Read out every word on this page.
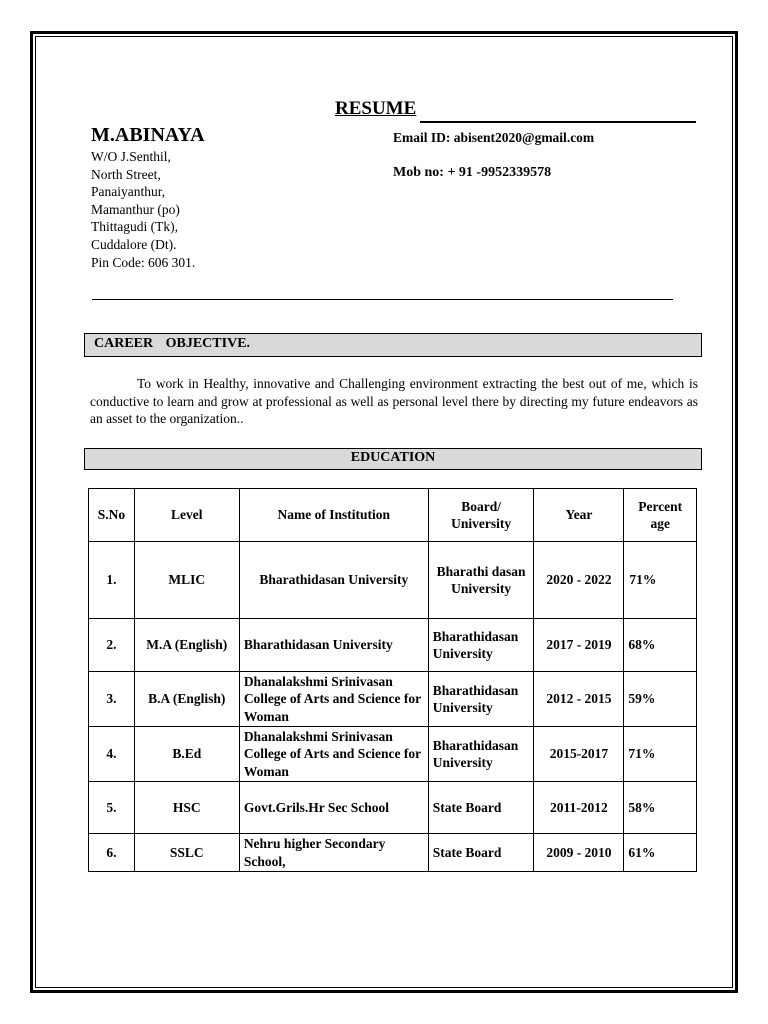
RESUME
M.ABINAYA
W/O J.Senthil,
North Street,
Panaiyanthur,
Mamanthur (po)
Thittagudi (Tk),
Cuddalore (Dt).
Pin Code: 606 301.
Email ID: abisent2020@gmail.com
Mob no: + 91 -9952339578
CAREER OBJECTIVE.
To work in Healthy, innovative and Challenging environment extracting the best out of me, which is conductive to learn and grow at professional as well as personal level there by directing my future endeavors as an asset to the organization..
EDUCATION
S.No	Level	Name of Institution	Board/ University	Year	Percent age
1.	MLIC	Bharathidasan University	Bharathi dasan University	2020 - 2022	71%
2.	M.A (English)	Bharathidasan University	Bharathidasan University	2017 - 2019	68%
3.	B.A (English)	Dhanalakshmi Srinivasan College of Arts and Science for Woman	Bharathidasan University	2012 - 2015	59%
4.	B.Ed	Dhanalakshmi Srinivasan College of Arts and Science for Woman	Bharathidasan University	2015-2017	71%
5.	HSC	Govt.Grils.Hr Sec School	State Board	2011-2012	58%
6.	SSLC	Nehru higher Secondary School,	State Board	2009 - 2010	61%
